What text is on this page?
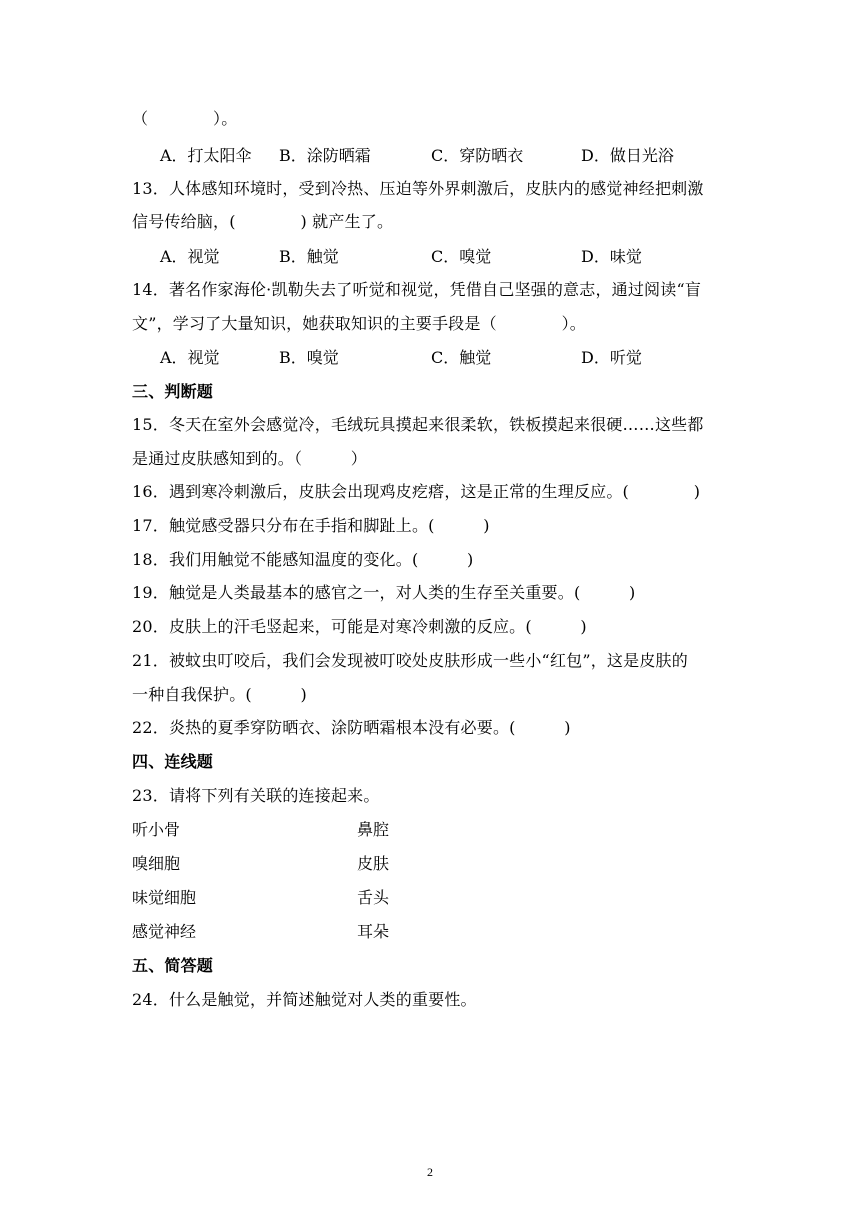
（　　　　）。
A．打太阳伞 B．涂防晒霜	C．穿防晒衣	D．做日光浴
13．人体感知环境时，受到冷热、压迫等外界刺激后，皮肤内的感觉神经把刺激
信号传给脑，(　　　　) 就产生了。
A．视觉	B．触觉	C．嗅觉	D．味觉
14．著名作家海伦·凯勒失去了听觉和视觉，凭借自己坚强的意志，通过阅读“盲
文”，学习了大量知识，她获取知识的主要手段是（　　　　）。
A．视觉	B．嗅觉	C．触觉	D．听觉
三、判断题
15．冬天在室外会感觉冷，毛绒玩具摸起来很柔软，铁板摸起来很硬……这些都
是通过皮肤感知到的。（　　　）
16．遇到寒冷刺激后，皮肤会出现鸡皮疙瘩，这是正常的生理反应。(　　　　)
17．触觉感受器只分布在手指和脚趾上。(　　　)
18．我们用触觉不能感知温度的变化。(　　　)
19．触觉是人类最基本的感官之一，对人类的生存至关重要。(　　　)
20．皮肤上的汗毛竖起来，可能是对寒冷刺激的反应。(　　　)
21．被蚊虫叮咬后，我们会发现被叮咬处皮肤形成一些小“红包”，这是皮肤的
一种自我保护。(　　　)
22．炎热的夏季穿防晒衣、涂防晒霜根本没有必要。(　　　)
四、连线题
23．请将下列有关联的连接起来。
听小骨	鼻腔
嗅细胞	皮肤
味觉细胞	舌头
感觉神经	耳朵
五、简答题
24．什么是触觉，并简述触觉对人类的重要性。
2
